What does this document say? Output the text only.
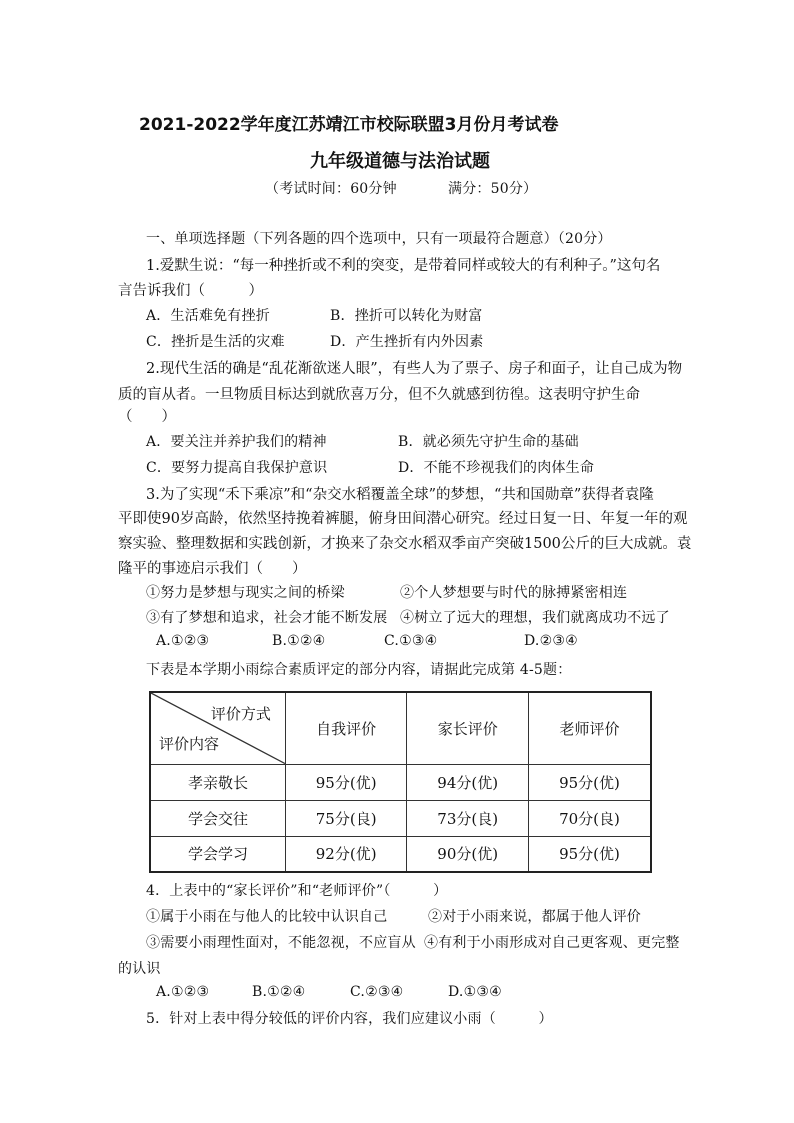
2021-2022学年度江苏靖江市校际联盟3月份月考试卷
九年级道德与法治试题
（考试时间：60分钟	满分：50分）
一、单项选择题（下列各题的四个选项中，只有一项最符合题意）（20分）
1.爱默生说：“每一种挫折或不利的突变，是带着同样或较大的有利种子。”这句名
言告诉我们（　　　）
A．生活难免有挫折	B．挫折可以转化为财富
C．挫折是生活的灾难	D．产生挫折有内外因素
2.现代生活的确是“乱花渐欲迷人眼”，有些人为了票子、房子和面子，让自己成为物
质的盲从者。一旦物质目标达到就欣喜万分，但不久就感到彷徨。这表明守护生命
（　　）
A．要关注并养护我们的精神	B．就必须先守护生命的基础
C．要努力提高自我保护意识	D．不能不珍视我们的肉体生命
3.为了实现“禾下乘凉”和“杂交水稻覆盖全球”的梦想，“共和国勋章”获得者袁隆
平即使90岁高龄，依然坚持挽着裤腿，俯身田间潜心研究。经过日复一日、年复一年的观
察实验、整理数据和实践创新，才换来了杂交水稻双季亩产突破1500公斤的巨大成就。袁
隆平的事迹启示我们（　　）
①努力是梦想与现实之间的桥梁	②个人梦想要与时代的脉搏紧密相连
③有了梦想和追求，社会才能不断发展 ④树立了远大的理想，我们就离成功不远了
A.①②③	B.①②④	C.①③④	D.②③④
下表是本学期小雨综合素质评定的部分内容，请据此完成第 4-5题：
评价方式
评价内容	自我评价	家长评价	老师评价
孝亲敬长	95分(优)	94分(优)	95分(优)
学会交往	75分(良)	73分(良)	70分(良)
学会学习	92分(优)	90分(优)	95分(优)
4．上表中的“家长评价”和“老师评价”（　　　）
①属于小雨在与他人的比较中认识自己	②对于小雨来说，都属于他人评价
③需要小雨理性面对，不能忽视，不应盲从 ④有利于小雨形成对自己更客观、更完整
的认识
A.①②③	B.①②④	C.②③④	D.①③④
5．针对上表中得分较低的评价内容，我们应建议小雨（　　　）
